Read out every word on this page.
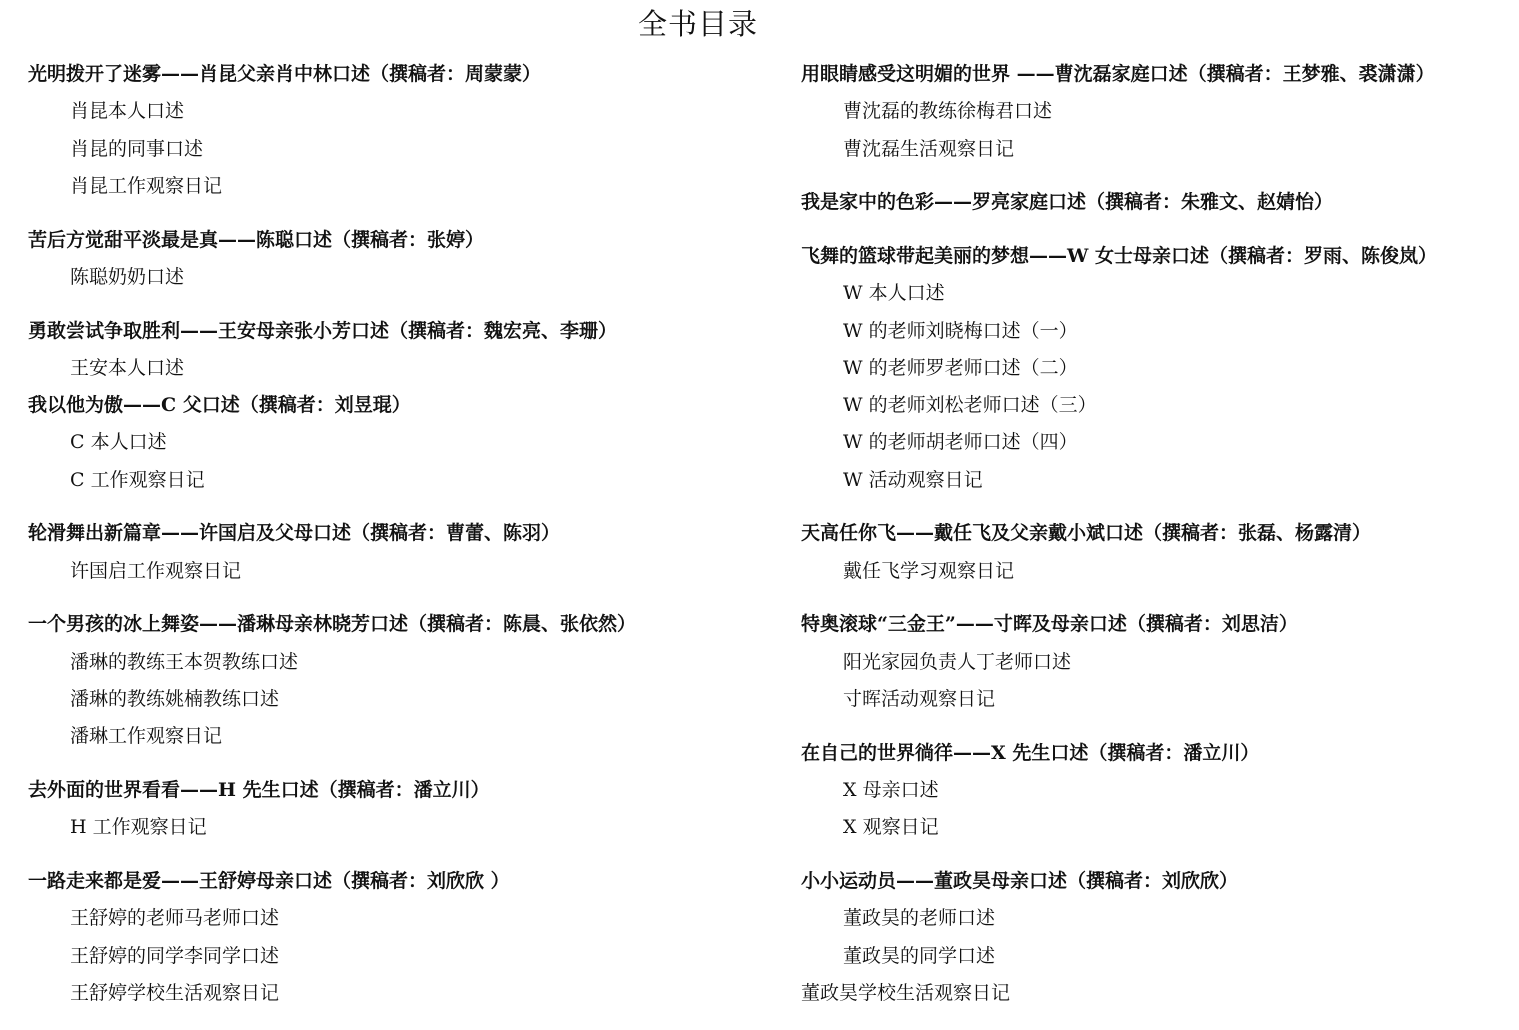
全书目录
光明拨开了迷雾——肖昆父亲肖中林口述（撰稿者：周蒙蒙）
肖昆本人口述
肖昆的同事口述
肖昆工作观察日记
苦后方觉甜平淡最是真——陈聪口述（撰稿者：张婷）
陈聪奶奶口述
勇敢尝试争取胜利——王安母亲张小芳口述（撰稿者：魏宏亮、李珊）
王安本人口述
我以他为傲——C 父口述（撰稿者：刘昱琨）
C 本人口述
C 工作观察日记
轮滑舞出新篇章——许国启及父母口述（撰稿者：曹蕾、陈羽）
许国启工作观察日记
一个男孩的冰上舞姿——潘琳母亲林晓芳口述（撰稿者：陈晨、张依然）
潘琳的教练王本贺教练口述
潘琳的教练姚楠教练口述
潘琳工作观察日记
去外面的世界看看——H 先生口述（撰稿者：潘立川）
H 工作观察日记
一路走来都是爱——王舒婷母亲口述（撰稿者：刘欣欣 ）
王舒婷的老师马老师口述
王舒婷的同学李同学口述
王舒婷学校生活观察日记
用眼睛感受这明媚的世界 ——曹沈磊家庭口述（撰稿者：王梦雅、裘潇潇）
曹沈磊的教练徐梅君口述
曹沈磊生活观察日记
我是家中的色彩——罗亮家庭口述（撰稿者：朱雅文、赵婧怡）
飞舞的篮球带起美丽的梦想——W 女士母亲口述（撰稿者：罗雨、陈俊岚）
W 本人口述
W 的老师刘晓梅口述（一）
W 的老师罗老师口述（二）
W 的老师刘松老师口述（三）
W 的老师胡老师口述（四）
W 活动观察日记
天高任你飞——戴任飞及父亲戴小斌口述（撰稿者：张磊、杨露清）
戴任飞学习观察日记
特奥滚球“三金王”——寸晖及母亲口述（撰稿者：刘思洁）
阳光家园负责人丁老师口述
寸晖活动观察日记
在自己的世界徜徉——X 先生口述（撰稿者：潘立川）
X 母亲口述
X 观察日记
小小运动员——董政昊母亲口述（撰稿者：刘欣欣）
董政昊的老师口述
董政昊的同学口述
董政昊学校生活观察日记
